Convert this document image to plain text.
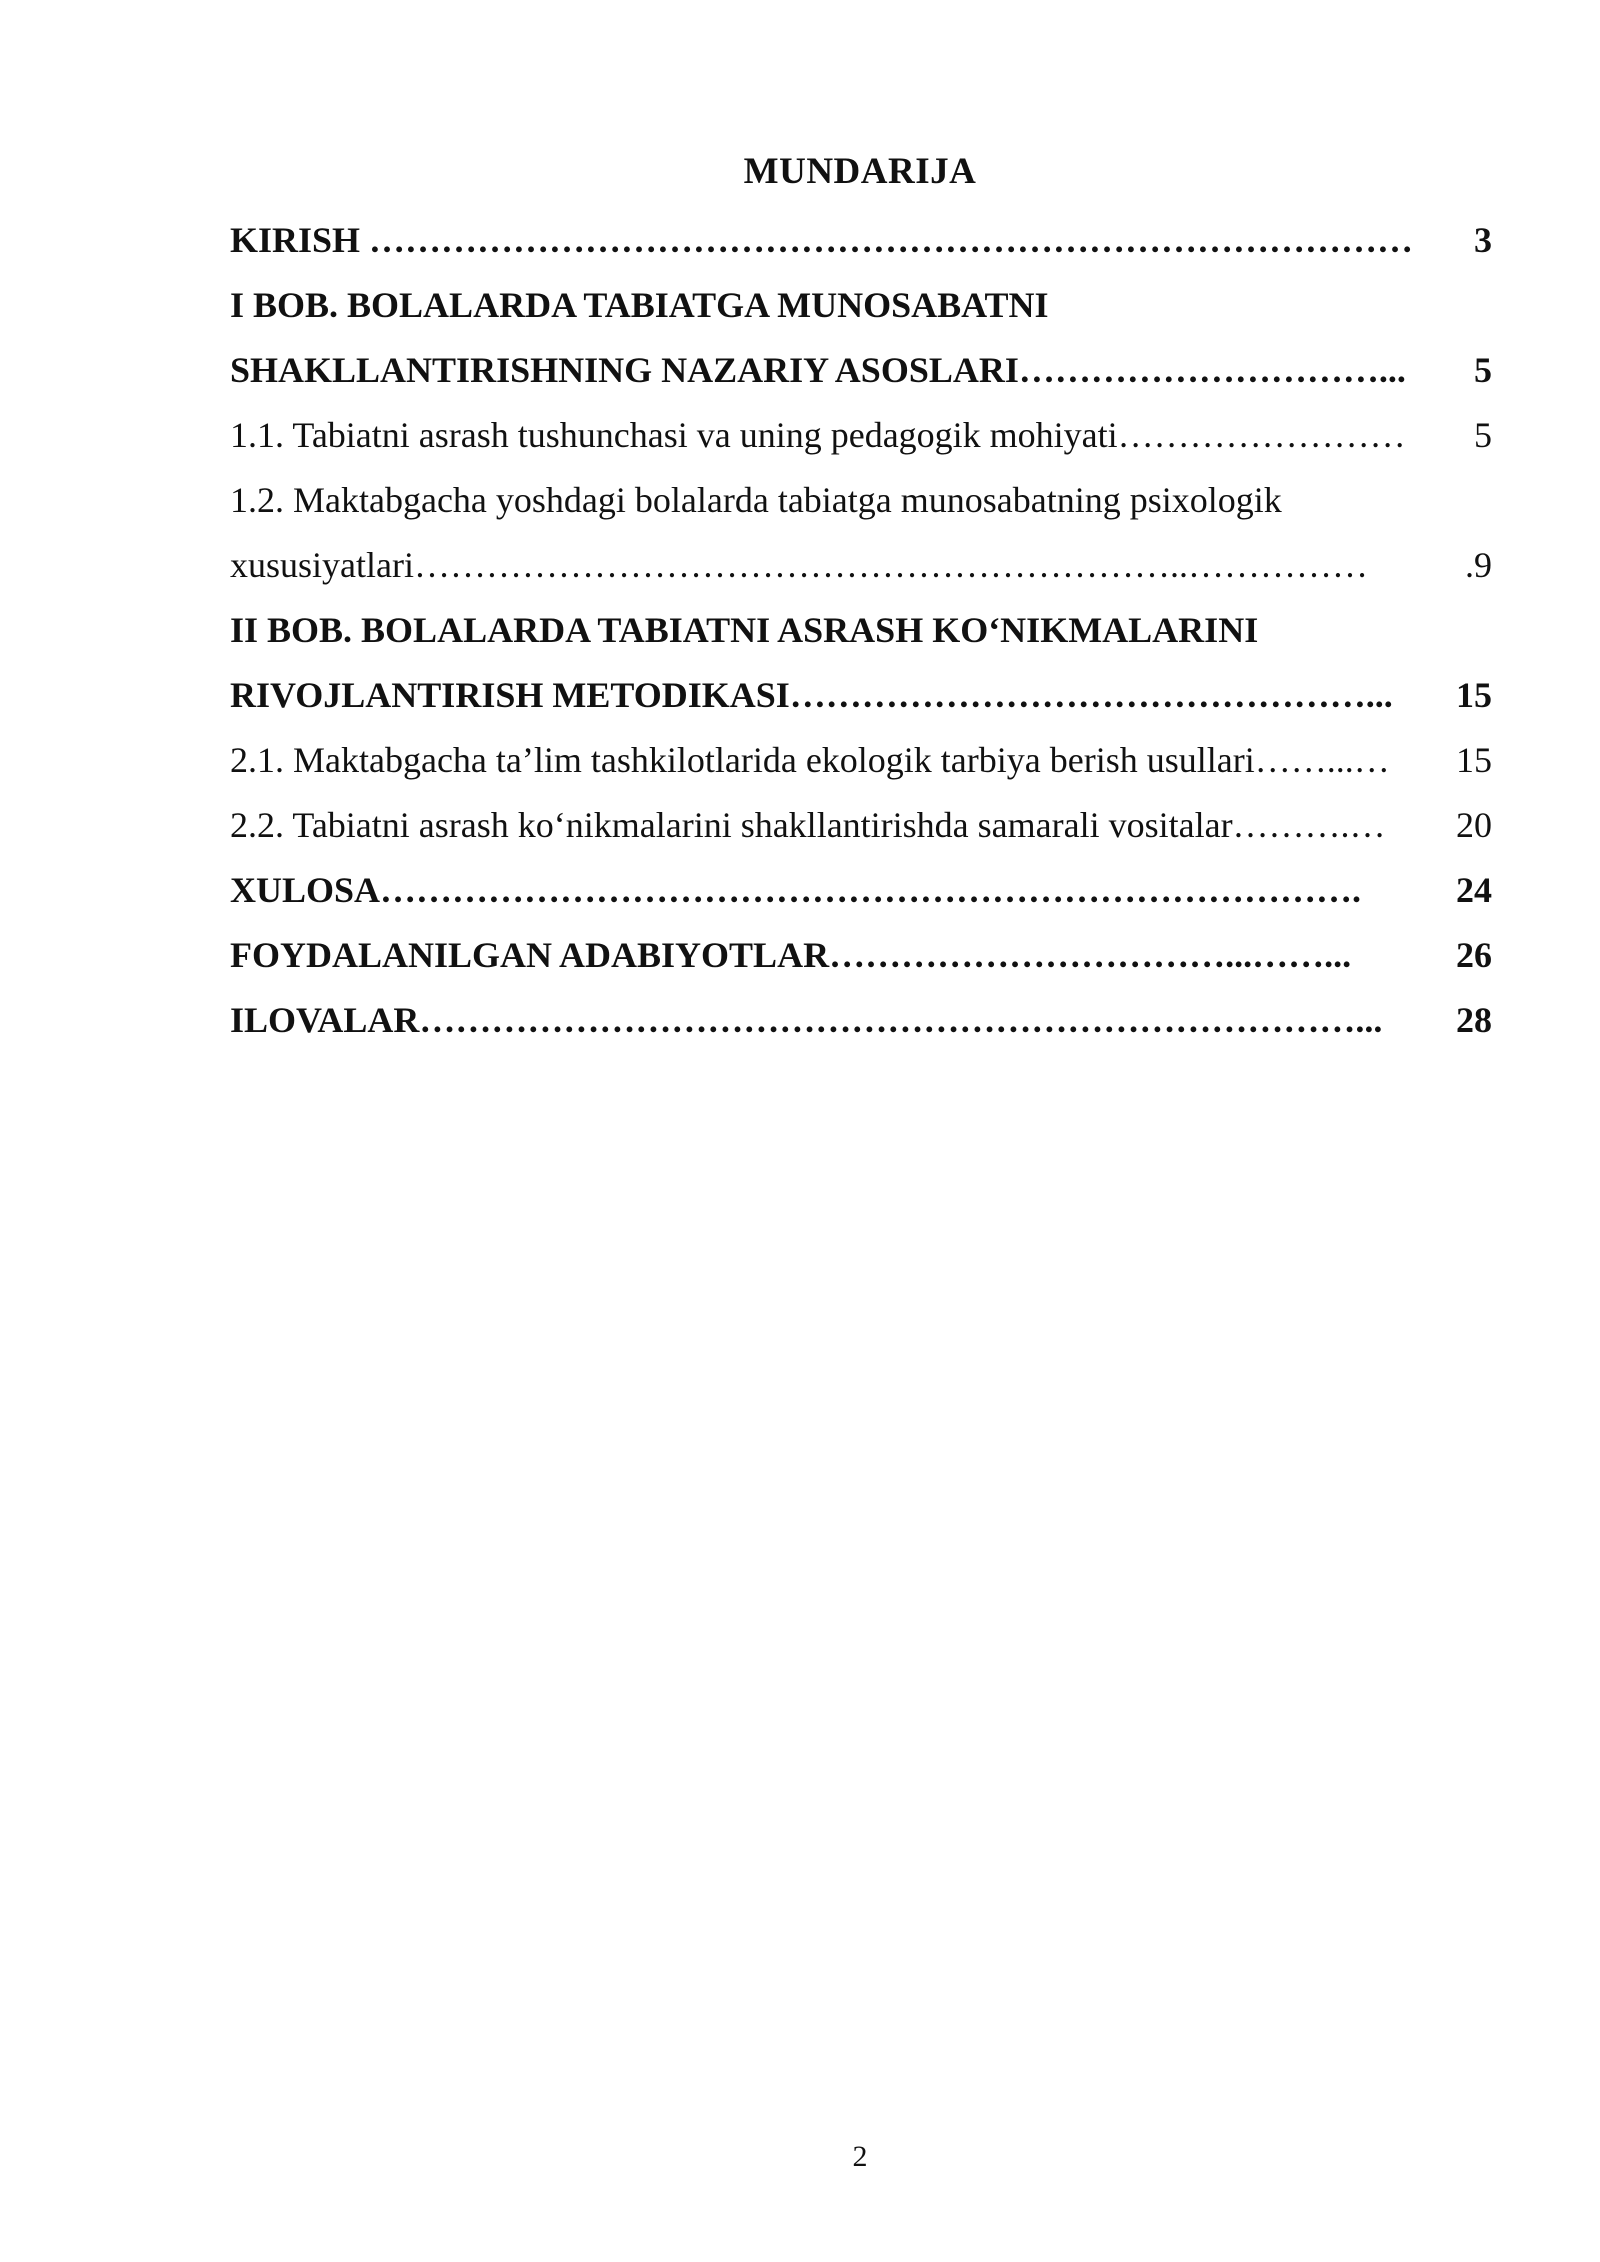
MUNDARIJA
KIRISH …………………………………………………………………………… 3
I BOB. BOLALARDA TABIATGA MUNOSABATNI
SHAKLLANTIRISHNING NAZARIY ASOSLARI…………………………... 5
1.1. Tabiatni asrash tushunchasi va uning pedagogik mohiyati…………………… 5
1.2. Maktabgacha yoshdagi bolalarda tabiatga munosabatning psixologik
xususiyatlari………………………………………………………..……………	.9
II BOB. BOLALARDA TABIATNI ASRASH KO‘NIKMALARINI
RIVOJLANTIRISH METODIKASI…………………………………………... 15
2.1. Maktabgacha ta’lim tashkilotlarida ekologik tarbiya berish usullari……...… 15
2.2. Tabiatni asrash ko‘nikmalarini shakllantirishda samarali vositalar……….… 20
XULOSA……………………………………………………………………….	24
FOYDALANILGAN ADABIYOTLAR……………………………...……...	26
ILOVALAR……………………………………………………………………... 28
2
